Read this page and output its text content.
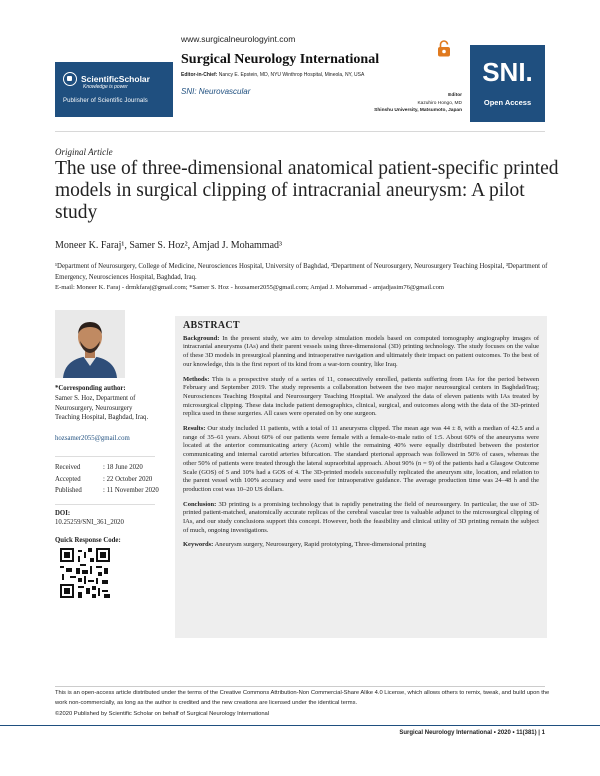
ScientificScholar
Knowledge is power
Publisher of Scientific Journals
www.surgicalneurologyint.com
Surgical Neurology International
Editor-in-Chief: Nancy E. Epstein, MD, NYU Winthrop Hospital, Mineola, NY, USA
SNI: Neurovascular	Editor
Kazuhiro Hongo, MD

Shinshu University, Matsumoto, Japan
SNI.
Open Access
Original Article
The use of three-dimensional anatomical patient-specific printed models in surgical clipping of intracranial aneurysm: A pilot study
Moneer K. Faraj¹, Samer S. Hoz², Amjad J. Mohammad³
¹Department of Neurosurgery, College of Medicine, Neurosciences Hospital, University of Baghdad, ²Department of Neurosurgery, Neurosurgery Teaching Hospital, ³Department of Emergency, Neurosciences Hospital, Baghdad, Iraq.
E-mail: Moneer K. Faraj - drmkfaraj@gmail.com; *Samer S. Hoz - hozsamer2055@gmail.com; Amjad J. Mohammad - amjadjasim76@gmail.com
*Corresponding author:
Samer S. Hoz, Department of Neurosurgery, Neurosurgery Teaching Hospital, Baghdad, Iraq.
hozsamer2055@gmail.com
Received	: 18 June 2020
Accepted	: 22 October 2020
Published	: 11 November 2020
DOI:
10.25259/SNI_361_2020
Quick Response Code:
ABSTRACT

Background: In the present study, we aim to develop simulation models based on computed tomography angiography images of intracranial aneurysms (IAs) and their parent vessels using three-dimensional (3D) printing technology. The study focuses on the value of these 3D models in presurgical planning and intraoperative navigation and ultimately their impact on patient outcomes. To the best of our knowledge, this is the first report of its kind from a war-torn country, like Iraq.

Methods: This is a prospective study of a series of 11, consecutively enrolled, patients suffering from IAs for the period between February and September 2019. The study represents a collaboration between the two major neurosurgical centers in Baghdad/Iraq; Neurosciences Teaching Hospital and Neurosurgery Teaching Hospital. We analyzed the data of eleven patients with IAs treated by microsurgical clipping. These data include patient demographics, clinical, surgical, and outcomes along with the data of the 3D-printed replica used in these surgeries. All cases were operated on by one surgeon.

Results: Our study included 11 patients, with a total of 11 aneurysms clipped. The mean age was 44 ± 8, with a median of 42.5 and a range of 35–61 years. About 60% of our patients were female with a female-to-male ratio of 1:5. About 60% of the aneurysms were located at the anterior communicating artery (Acom) while the remaining 40% were equally distributed between the posterior communicating and internal carotid arteries bifurcation. The standard pterional approach was followed in 50% of cases, whereas the other 50% of patients were treated through the lateral supraorbital approach. About 90% (n = 9) of the patients had a Glasgow Outcome Scale (GOS) of 5 and 10% had a GOS of 4. The 3D-printed models successfully replicated the aneurysm site, location, and relation to the parent vessel with 100% accuracy and were used for intraoperative guidance. The average production time was 24–48 h and the production cost was 10–20 US dollars.

Conclusion: 3D printing is a promising technology that is rapidly penetrating the field of neurosurgery. In particular, the use of 3D-printed patient-matched, anatomically accurate replicas of the cerebral vascular tree is valuable adjunct to the microsurgical clipping of IAs, and our study conclusions support this concept. However, both the feasibility and clinical utility of 3D printing remain the subject of much, ongoing investigations.

Keywords: Aneurysm surgery, Neurosurgery, Rapid prototyping, Three-dimensional printing

This is an open-access article distributed under the terms of the Creative Commons Attribution-Non Commercial-Share Alike 4.0 License, which allows others to remix, tweak, and build upon the work non-commercially, as long as the author is credited and the new creations are licensed under the identical terms.
©2020 Published by Scientific Scholar on behalf of Surgical Neurology International
Surgical Neurology International • 2020 • 11(381) | 1
